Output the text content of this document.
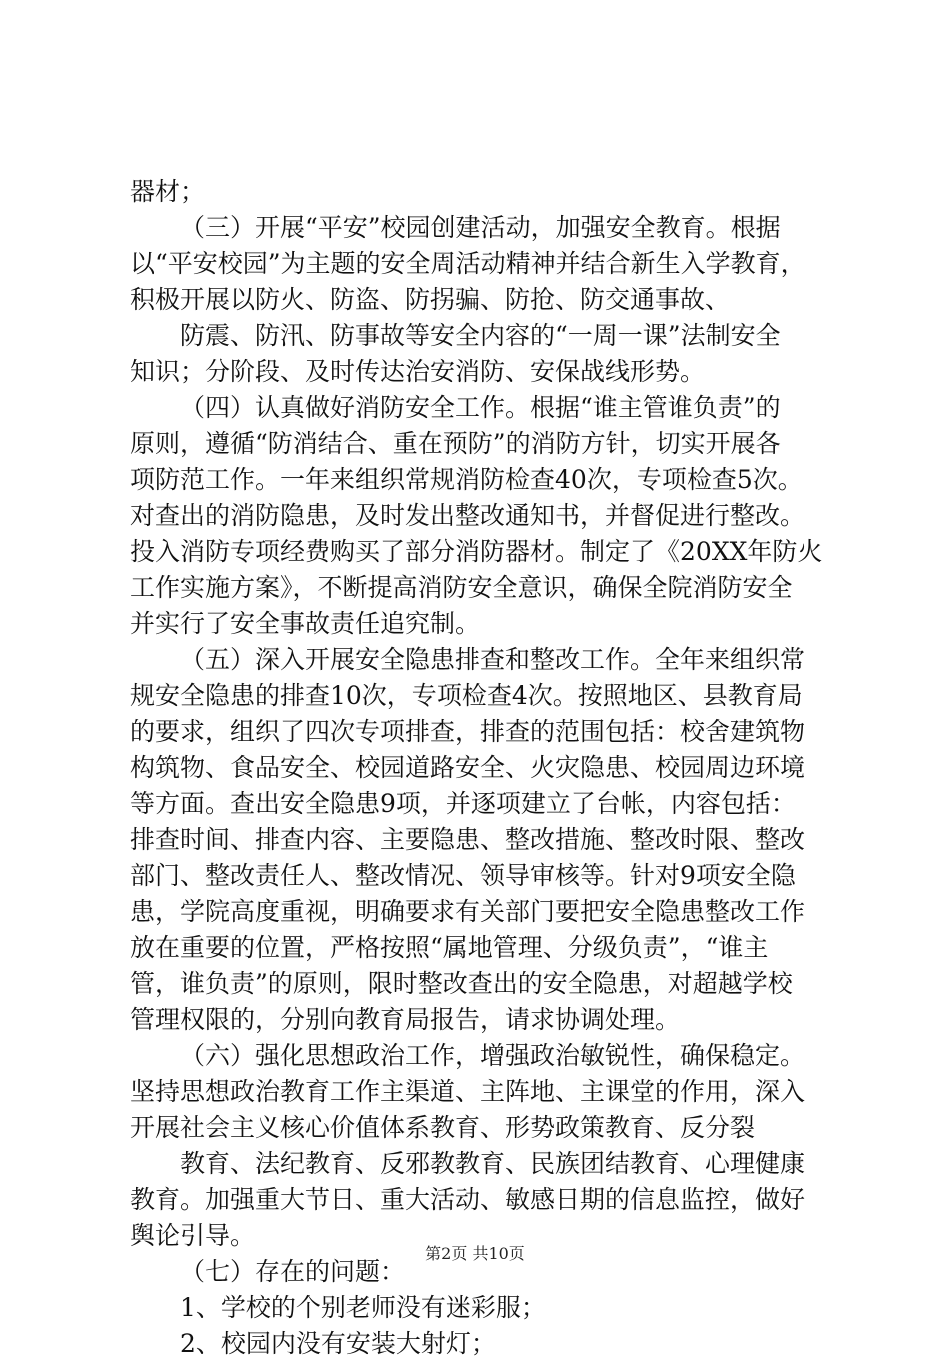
器材；
（三）开展“平安”校园创建活动，加强安全教育。根据
以“平安校园”为主题的安全周活动精神并结合新生入学教育，
积极开展以防火、防盗、防拐骗、防抢、防交通事故、
防震、防汛、防事故等安全内容的“一周一课”法制安全
知识；分阶段、及时传达治安消防、安保战线形势。
（四）认真做好消防安全工作。根据“谁主管谁负责”的
原则，遵循“防消结合、重在预防”的消防方针，切实开展各
项防范工作。一年来组织常规消防检查40次，专项检查5次。
对查出的消防隐患，及时发出整改通知书，并督促进行整改。
投入消防专项经费购买了部分消防器材。制定了《20XX年防火
工作实施方案》，不断提高消防安全意识，确保全院消防安全
并实行了安全事故责任追究制。
（五）深入开展安全隐患排查和整改工作。全年来组织常
规安全隐患的排查10次，专项检查4次。按照地区、县教育局
的要求，组织了四次专项排查，排查的范围包括：校舍建筑物
构筑物、食品安全、校园道路安全、火灾隐患、校园周边环境
等方面。查出安全隐患9项，并逐项建立了台帐，内容包括：
排查时间、排查内容、主要隐患、整改措施、整改时限、整改
部门、整改责任人、整改情况、领导审核等。针对9项安全隐
患，学院高度重视，明确要求有关部门要把安全隐患整改工作
放在重要的位置，严格按照“属地管理、分级负责”，“谁主
管，谁负责”的原则，限时整改查出的安全隐患，对超越学校
管理权限的，分别向教育局报告，请求协调处理。
（六）强化思想政治工作，增强政治敏锐性，确保稳定。
坚持思想政治教育工作主渠道、主阵地、主课堂的作用，深入
开展社会主义核心价值体系教育、形势政策教育、反分裂
教育、法纪教育、反邪教教育、民族团结教育、心理健康
教育。加强重大节日、重大活动、敏感日期的信息监控，做好
舆论引导。
（七）存在的问题：
1、学校的个别老师没有迷彩服；
2、校园内没有安装大射灯；
第2页 共10页
